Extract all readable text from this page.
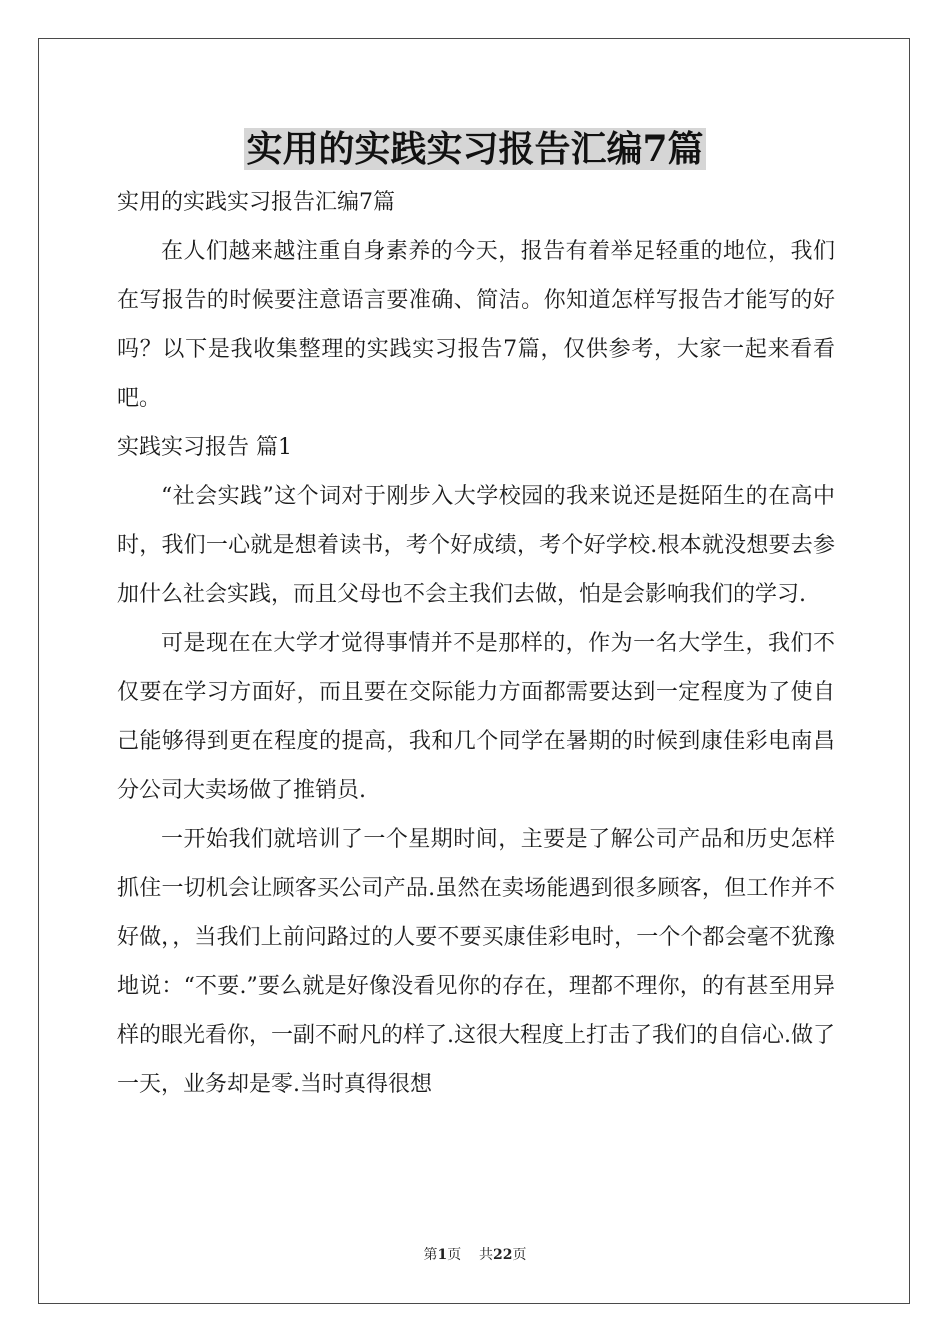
实用的实践实习报告汇编7篇

实用的实践实习报告汇编7篇

在人们越来越注重自身素养的今天，报告有着举足轻重的地位，我们在写报告的时候要注意语言要准确、简洁。你知道怎样写报告才能写的好吗？以下是我收集整理的实践实习报告7篇，仅供参考，大家一起来看看吧。

实践实习报告 篇1

“社会实践”这个词对于刚步入大学校园的我来说还是挺陌生的在高中时，我们一心就是想着读书，考个好成绩，考个好学校.根本就没想要去参加什么社会实践，而且父母也不会主我们去做，怕是会影响我们的学习.

可是现在在大学才觉得事情并不是那样的，作为一名大学生，我们不仅要在学习方面好，而且要在交际能力方面都需要达到一定程度为了使自己能够得到更在程度的提高，我和几个同学在暑期的时候到康佳彩电南昌分公司大卖场做了推销员.

一开始我们就培训了一个星期时间，主要是了解公司产品和历史怎样抓住一切机会让顾客买公司产品.虽然在卖场能遇到很多顾客，但工作并不好做，，当我们上前问路过的人要不要买康佳彩电时，一个个都会毫不犹豫地说：“不要.”要么就是好像没看见你的存在，理都不理你，的有甚至用异样的眼光看你，一副不耐凡的样了.这很大程度上打击了我们的自信心.做了一天，业务却是零.当时真得很想

第1页 共22页
